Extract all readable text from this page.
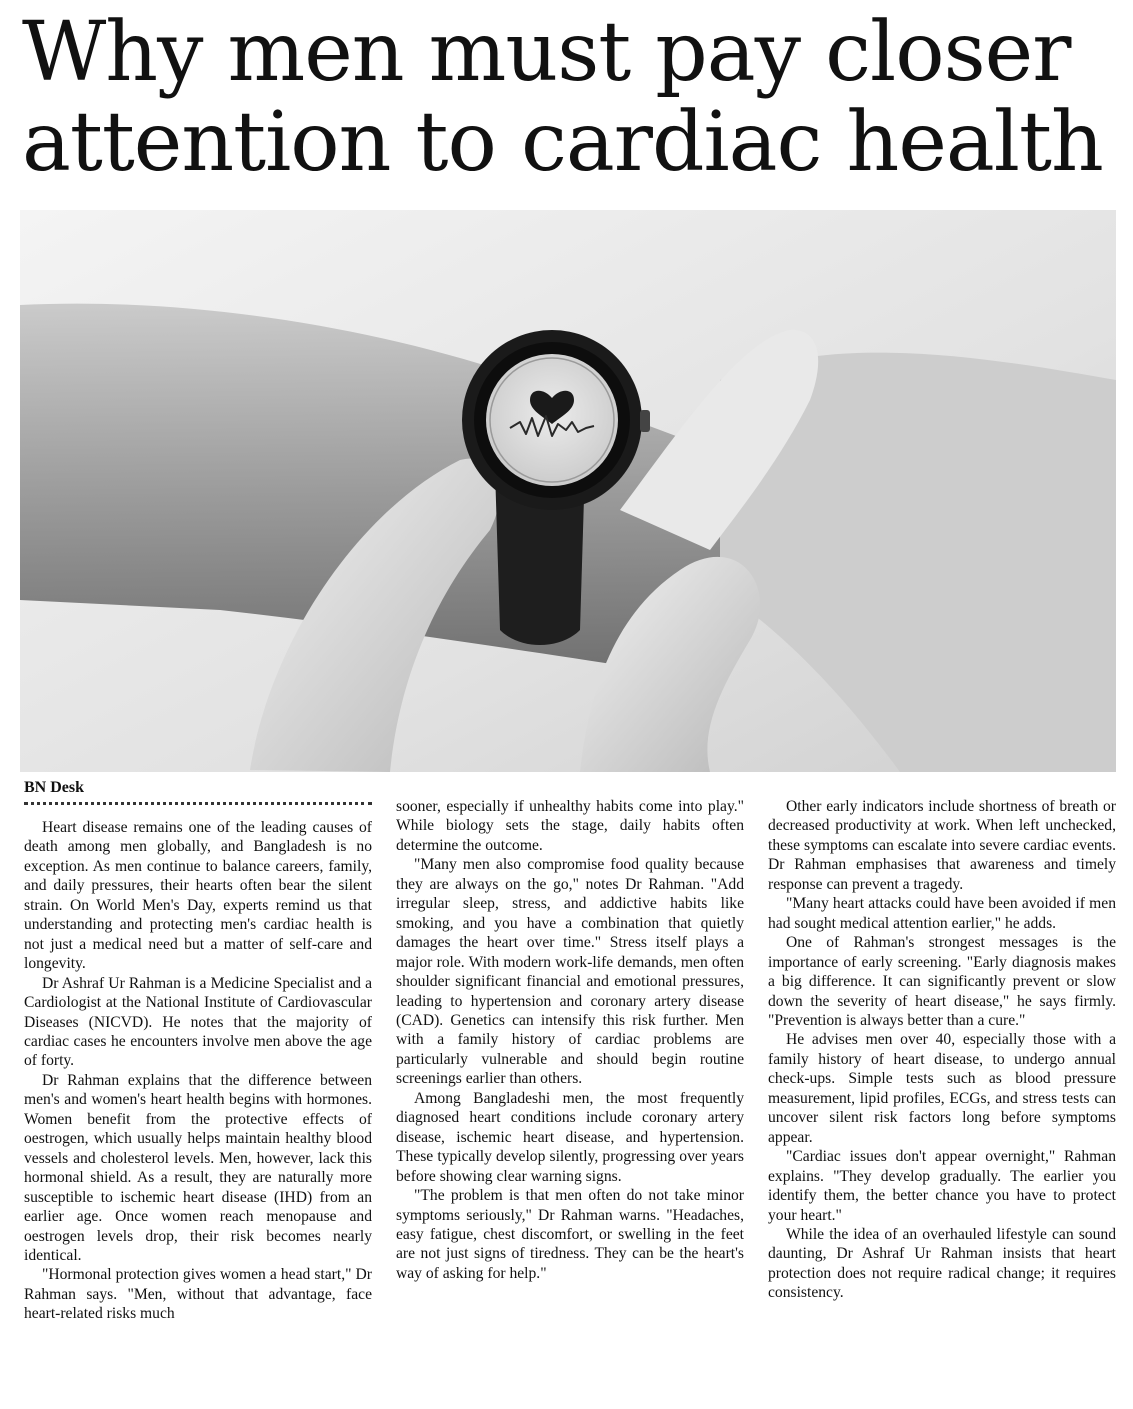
Why men must pay closer attention to cardiac health

BN Desk

Heart disease remains one of the leading causes of death among men globally, and Bangladesh is no exception. As men continue to balance careers, family, and daily pressures, their hearts often bear the silent strain. On World Men's Day, experts remind us that understanding and protecting men's cardiac health is not just a medical need but a matter of self-care and longevity.

Dr Ashraf Ur Rahman is a Medicine Specialist and a Cardiologist at the National Institute of Cardiovascular Diseases (NICVD). He notes that the majority of cardiac cases he encounters involve men above the age of forty.

Dr Rahman explains that the difference between men's and women's heart health begins with hormones. Women benefit from the protective effects of oestrogen, which usually helps maintain healthy blood vessels and cholesterol levels. Men, however, lack this hormonal shield. As a result, they are naturally more susceptible to ischemic heart disease (IHD) from an earlier age. Once women reach menopause and oestrogen levels drop, their risk becomes nearly identical.

"Hormonal protection gives women a head start," Dr Rahman says. "Men, without that advantage, face heart-related risks much

sooner, especially if unhealthy habits come into play." While biology sets the stage, daily habits often determine the outcome.

"Many men also compromise food quality because they are always on the go," notes Dr Rahman. "Add irregular sleep, stress, and addictive habits like smoking, and you have a combination that quietly damages the heart over time." Stress itself plays a major role. With modern work-life demands, men often shoulder significant financial and emotional pressures, leading to hypertension and coronary artery disease (CAD). Genetics can intensify this risk further. Men with a family history of cardiac problems are particularly vulnerable and should begin routine screenings earlier than others.

Among Bangladeshi men, the most frequently diagnosed heart conditions include coronary artery disease, ischemic heart disease, and hypertension. These typically develop silently, progressing over years before showing clear warning signs.

"The problem is that men often do not take minor symptoms seriously," Dr Rahman warns. "Headaches, easy fatigue, chest discomfort, or swelling in the feet are not just signs of tiredness. They can be the heart's way of asking for help."

Other early indicators include shortness of breath or decreased productivity at work. When left unchecked, these symptoms can escalate into severe cardiac events. Dr Rahman emphasises that awareness and timely response can prevent a tragedy.

"Many heart attacks could have been avoided if men had sought medical attention earlier," he adds.

One of Rahman's strongest messages is the importance of early screening. "Early diagnosis makes a big difference. It can significantly prevent or slow down the severity of heart disease," he says firmly. "Prevention is always better than a cure."

He advises men over 40, especially those with a family history of heart disease, to undergo annual check-ups. Simple tests such as blood pressure measurement, lipid profiles, ECGs, and stress tests can uncover silent risk factors long before symptoms appear.

"Cardiac issues don't appear overnight," Rahman explains. "They develop gradually. The earlier you identify them, the better chance you have to protect your heart."

While the idea of an overhauled lifestyle can sound daunting, Dr Ashraf Ur Rahman insists that heart protection does not require radical change; it requires consistency.
